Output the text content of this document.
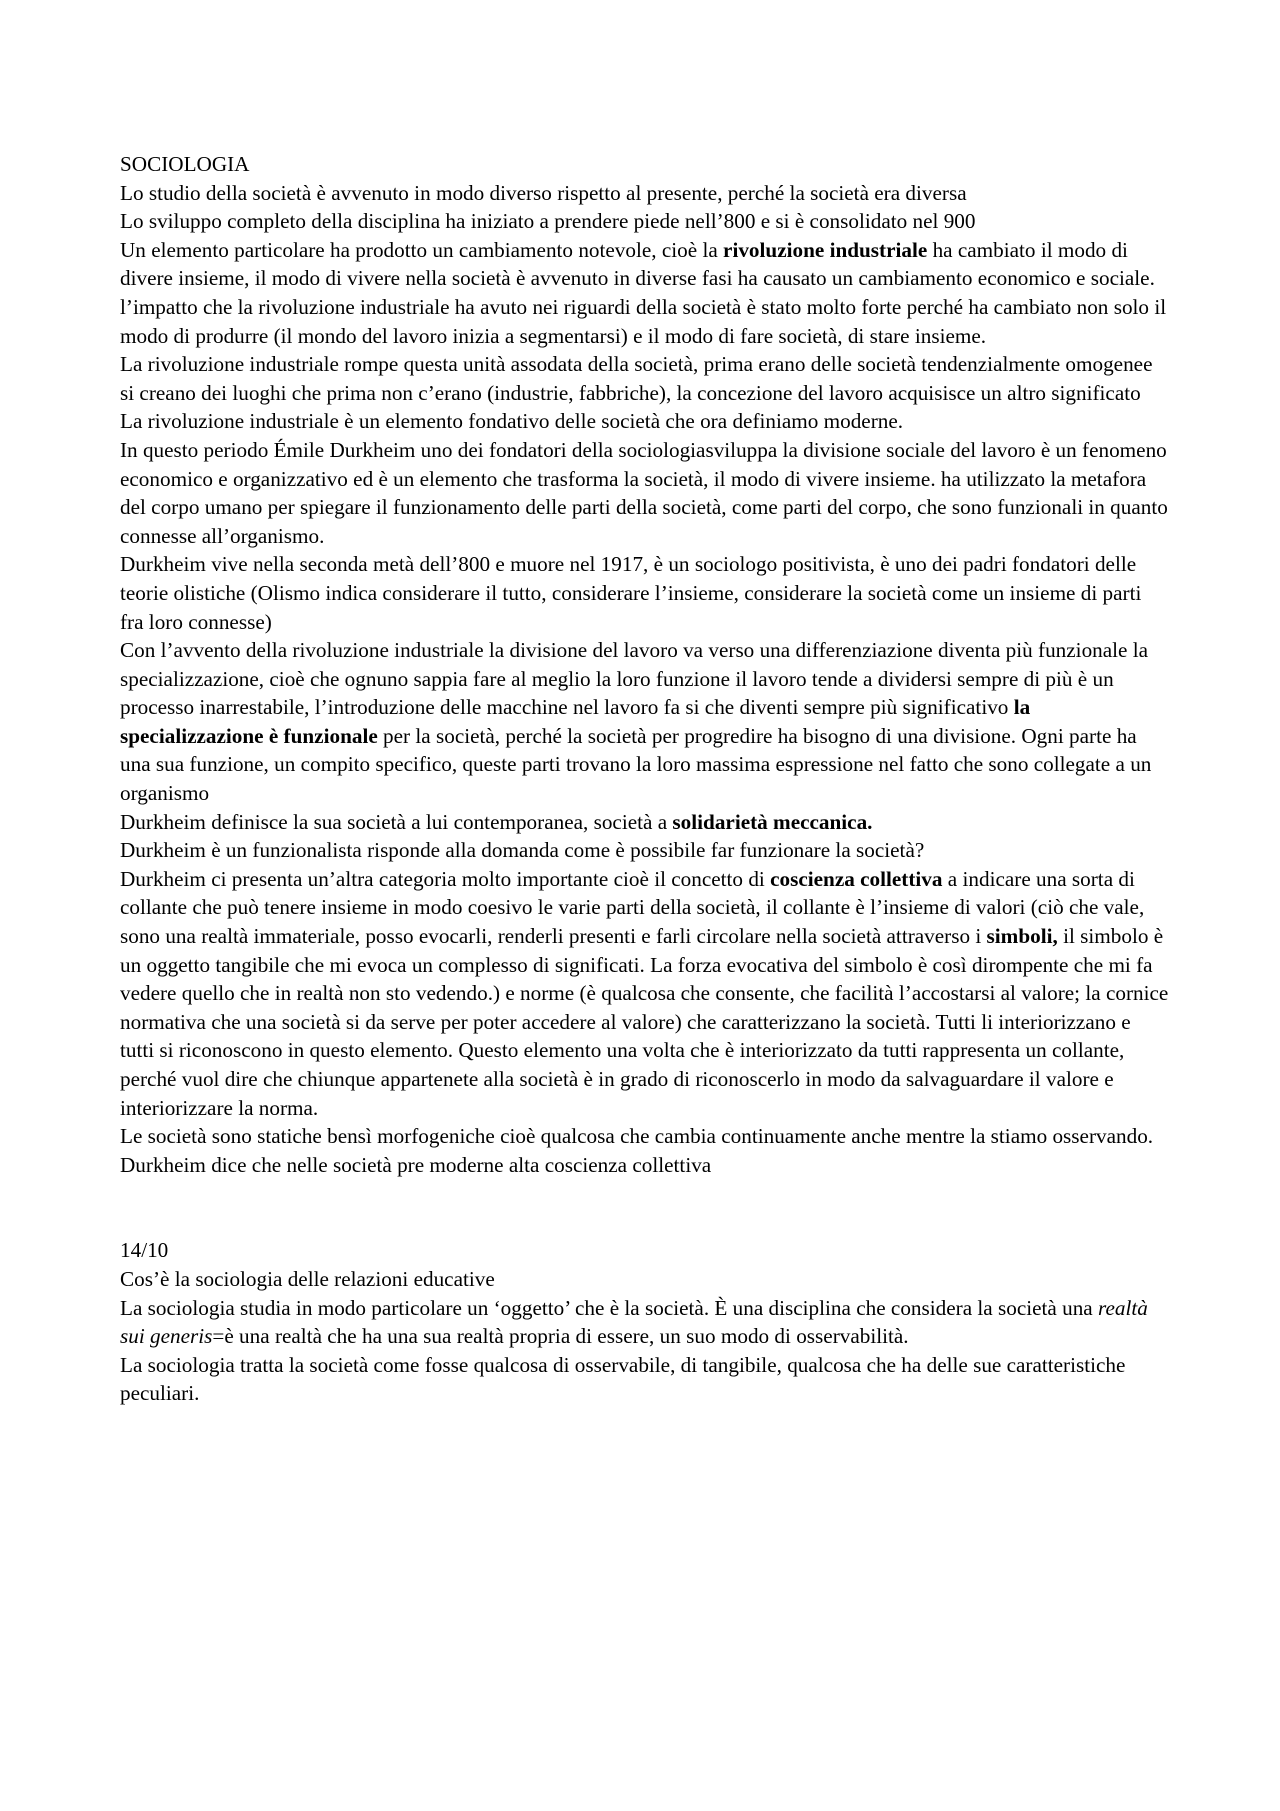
SOCIOLOGIA

Lo studio della società è avvenuto in modo diverso rispetto al presente, perché la società era diversa

Lo sviluppo completo della disciplina ha iniziato a prendere piede nell’800 e si è consolidato nel 900

Un elemento particolare ha prodotto un cambiamento notevole, cioè la rivoluzione industriale ha cambiato il modo di divere insieme, il modo di vivere nella società è avvenuto in diverse fasi ha causato un cambiamento economico e sociale. l’impatto che la rivoluzione industriale ha avuto nei riguardi della società è stato molto forte perché ha cambiato non solo il modo di produrre (il mondo del lavoro inizia a segmentarsi) e il modo di fare società, di stare insieme.

La rivoluzione industriale rompe questa unità assodata della società, prima erano delle società tendenzialmente omogenee si creano dei luoghi che prima non c’erano (industrie, fabbriche), la concezione del lavoro acquisisce un altro significato

La rivoluzione industriale è un elemento fondativo delle società che ora definiamo moderne.

In questo periodo Émile Durkheim uno dei fondatori della sociologiasviluppa la divisione sociale del lavoro è un fenomeno economico e organizzativo ed è un elemento che trasforma la società, il modo di vivere insieme. ha utilizzato la metafora del corpo umano per spiegare il funzionamento delle parti della società, come parti del corpo, che sono funzionali in quanto connesse all’organismo.

Durkheim vive nella seconda metà dell’800 e muore nel 1917, è un sociologo positivista, è uno dei padri fondatori delle teorie olistiche (Olismo indica considerare il tutto, considerare l’insieme, considerare la società come un insieme di parti fra loro connesse)

Con l’avvento della rivoluzione industriale la divisione del lavoro va verso una differenziazione diventa più funzionale la specializzazione, cioè che ognuno sappia fare al meglio la loro funzione il lavoro tende a dividersi sempre di più è un processo inarrestabile, l’introduzione delle macchine nel lavoro fa si che diventi sempre più significativo la specializzazione è funzionale per la società, perché la società per progredire ha bisogno di una divisione. Ogni parte ha una sua funzione, un compito specifico, queste parti trovano la loro massima espressione nel fatto che sono collegate a un organismo

Durkheim definisce la sua società a lui contemporanea, società a solidarietà meccanica.

Durkheim è un funzionalista risponde alla domanda come è possibile far funzionare la società?

Durkheim ci presenta un’altra categoria molto importante cioè il concetto di coscienza collettiva a indicare una sorta di collante che può tenere insieme in modo coesivo le varie parti della società, il collante è l’insieme di valori (ciò che vale, sono una realtà immateriale, posso evocarli, renderli presenti e farli circolare nella società attraverso i simboli, il simbolo è un oggetto tangibile che mi evoca un complesso di significati. La forza evocativa del simbolo è così dirompente che mi fa vedere quello che in realtà non sto vedendo.) e norme (è qualcosa che consente, che facilità l’accostarsi al valore; la cornice normativa che una società si da serve per poter accedere al valore) che caratterizzano la società. Tutti li interiorizzano e tutti si riconoscono in questo elemento. Questo elemento una volta che è interiorizzato da tutti rappresenta un collante, perché vuol dire che chiunque appartenete alla società è in grado di riconoscerlo in modo da salvaguardare il valore e interiorizzare la norma.

Le società sono statiche bensì morfogeniche cioè qualcosa che cambia continuamente anche mentre la stiamo osservando.

Durkheim dice che nelle società pre moderne alta coscienza collettiva

14/10

Cos’è la sociologia delle relazioni educative

La sociologia studia in modo particolare un ‘oggetto’ che è la società. È una disciplina che considera la società una realtà sui generis=è una realtà che ha una sua realtà propria di essere, un suo modo di osservabilità.

La sociologia tratta la società come fosse qualcosa di osservabile, di tangibile, qualcosa che ha delle sue caratteristiche peculiari.
